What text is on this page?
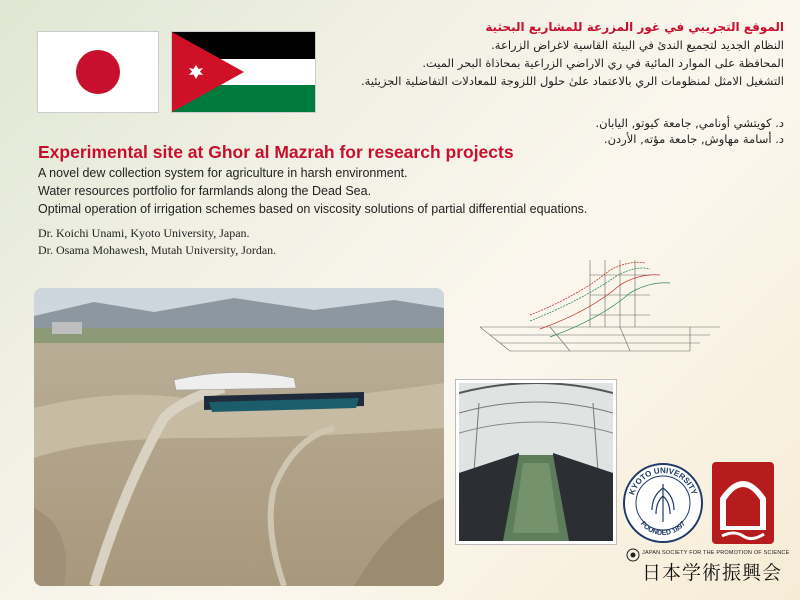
الموقع التجريبي في غور المزرعة للمشاريع البحثية
النظام الجديد لتجميع الندئ في البيئة القاسية لاغراض الزراعة.
المحافظة على الموارد المائية في ري الاراضي الزراعية بمحاذاة البحر الميت.
التشغيل الامثل لمنظومات الري بالاعتماد علىٰ حلول اللزوجة للمعادلات التفاضلية الجزيئية.
د. كويتشي أونامي, جامعة كيوتو, اليابان.
د. أسامة مهاوش, جامعة مؤته, الأردن.
Experimental site at Ghor al Mazrah for research projects
A novel dew collection system for agriculture in harsh environment.
Water resources portfolio for farmlands along the Dead Sea.
Optimal operation of irrigation schemes based on viscosity solutions of partial differential equations.
Dr. Koichi Unami, Kyoto University, Japan.
Dr. Osama Mohawesh, Mutah University, Jordan.
KYOTO UNIVERSITY
FOUNDED 1897
JAPAN SOCIETY FOR THE PROMOTION OF SCIENCE
日本学術振興会
